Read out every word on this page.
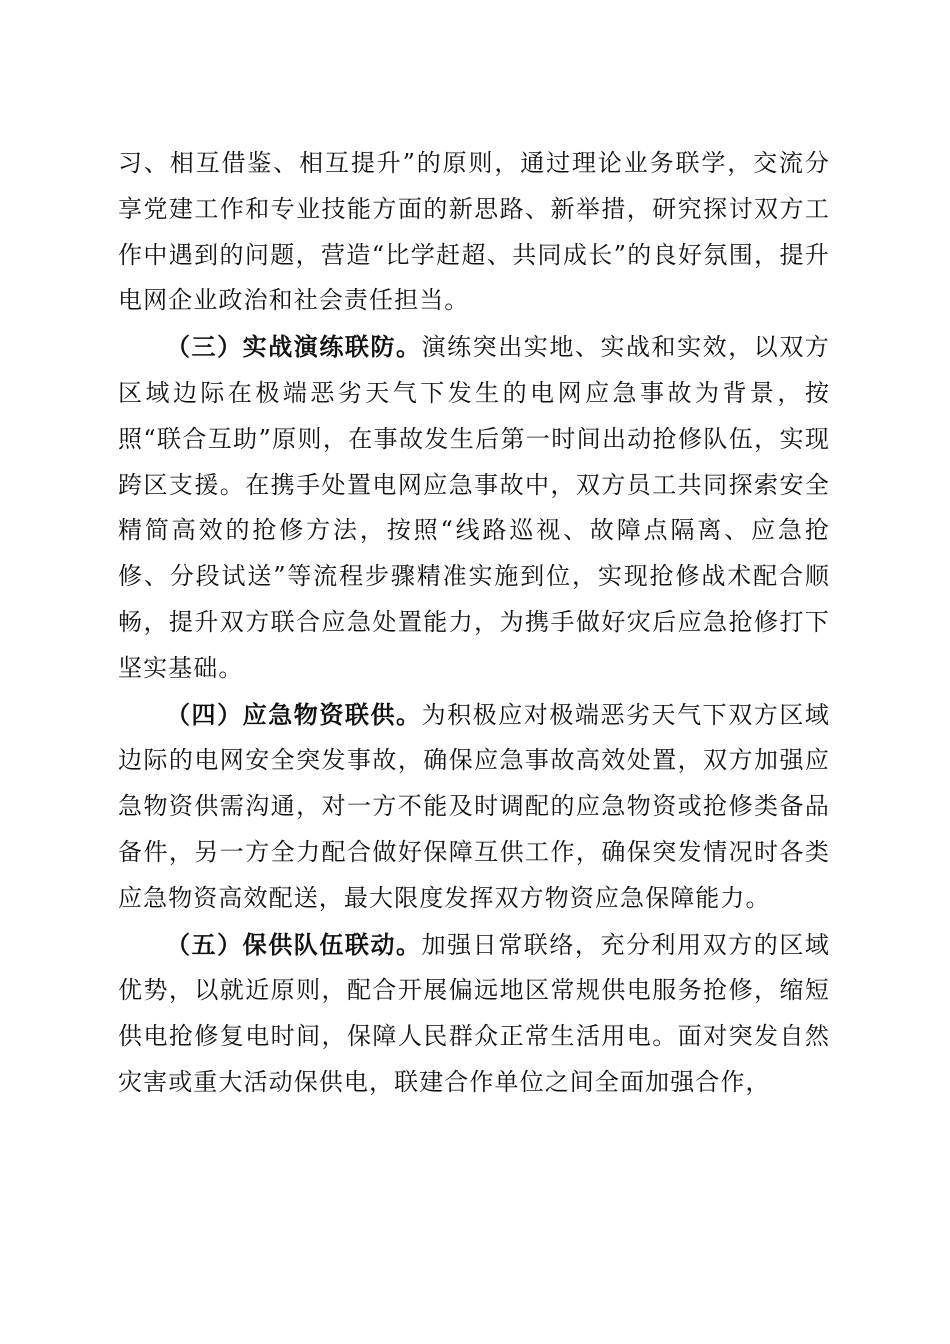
习、相互借鉴、相互提升”的原则，通过理论业务联学，交流分享党建工作和专业技能方面的新思路、新举措，研究探讨双方工作中遇到的问题，营造“比学赶超、共同成长”的良好氛围，提升电网企业政治和社会责任担当。

（三）实战演练联防。演练突出实地、实战和实效，以双方区域边际在极端恶劣天气下发生的电网应急事故为背景，按照“联合互助”原则，在事故发生后第一时间出动抢修队伍，实现跨区支援。在携手处置电网应急事故中，双方员工共同探索安全精简高效的抢修方法，按照“线路巡视、故障点隔离、应急抢修、分段试送”等流程步骤精准实施到位，实现抢修战术配合顺畅，提升双方联合应急处置能力，为携手做好灾后应急抢修打下坚实基础。

（四）应急物资联供。为积极应对极端恶劣天气下双方区域边际的电网安全突发事故，确保应急事故高效处置，双方加强应急物资供需沟通，对一方不能及时调配的应急物资或抢修类备品备件，另一方全力配合做好保障互供工作，确保突发情况时各类应急物资高效配送，最大限度发挥双方物资应急保障能力。

（五）保供队伍联动。加强日常联络，充分利用双方的区域优势，以就近原则，配合开展偏远地区常规供电服务抢修，缩短供电抢修复电时间，保障人民群众正常生活用电。面对突发自然灾害或重大活动保供电，联建合作单位之间全面加强合作，
